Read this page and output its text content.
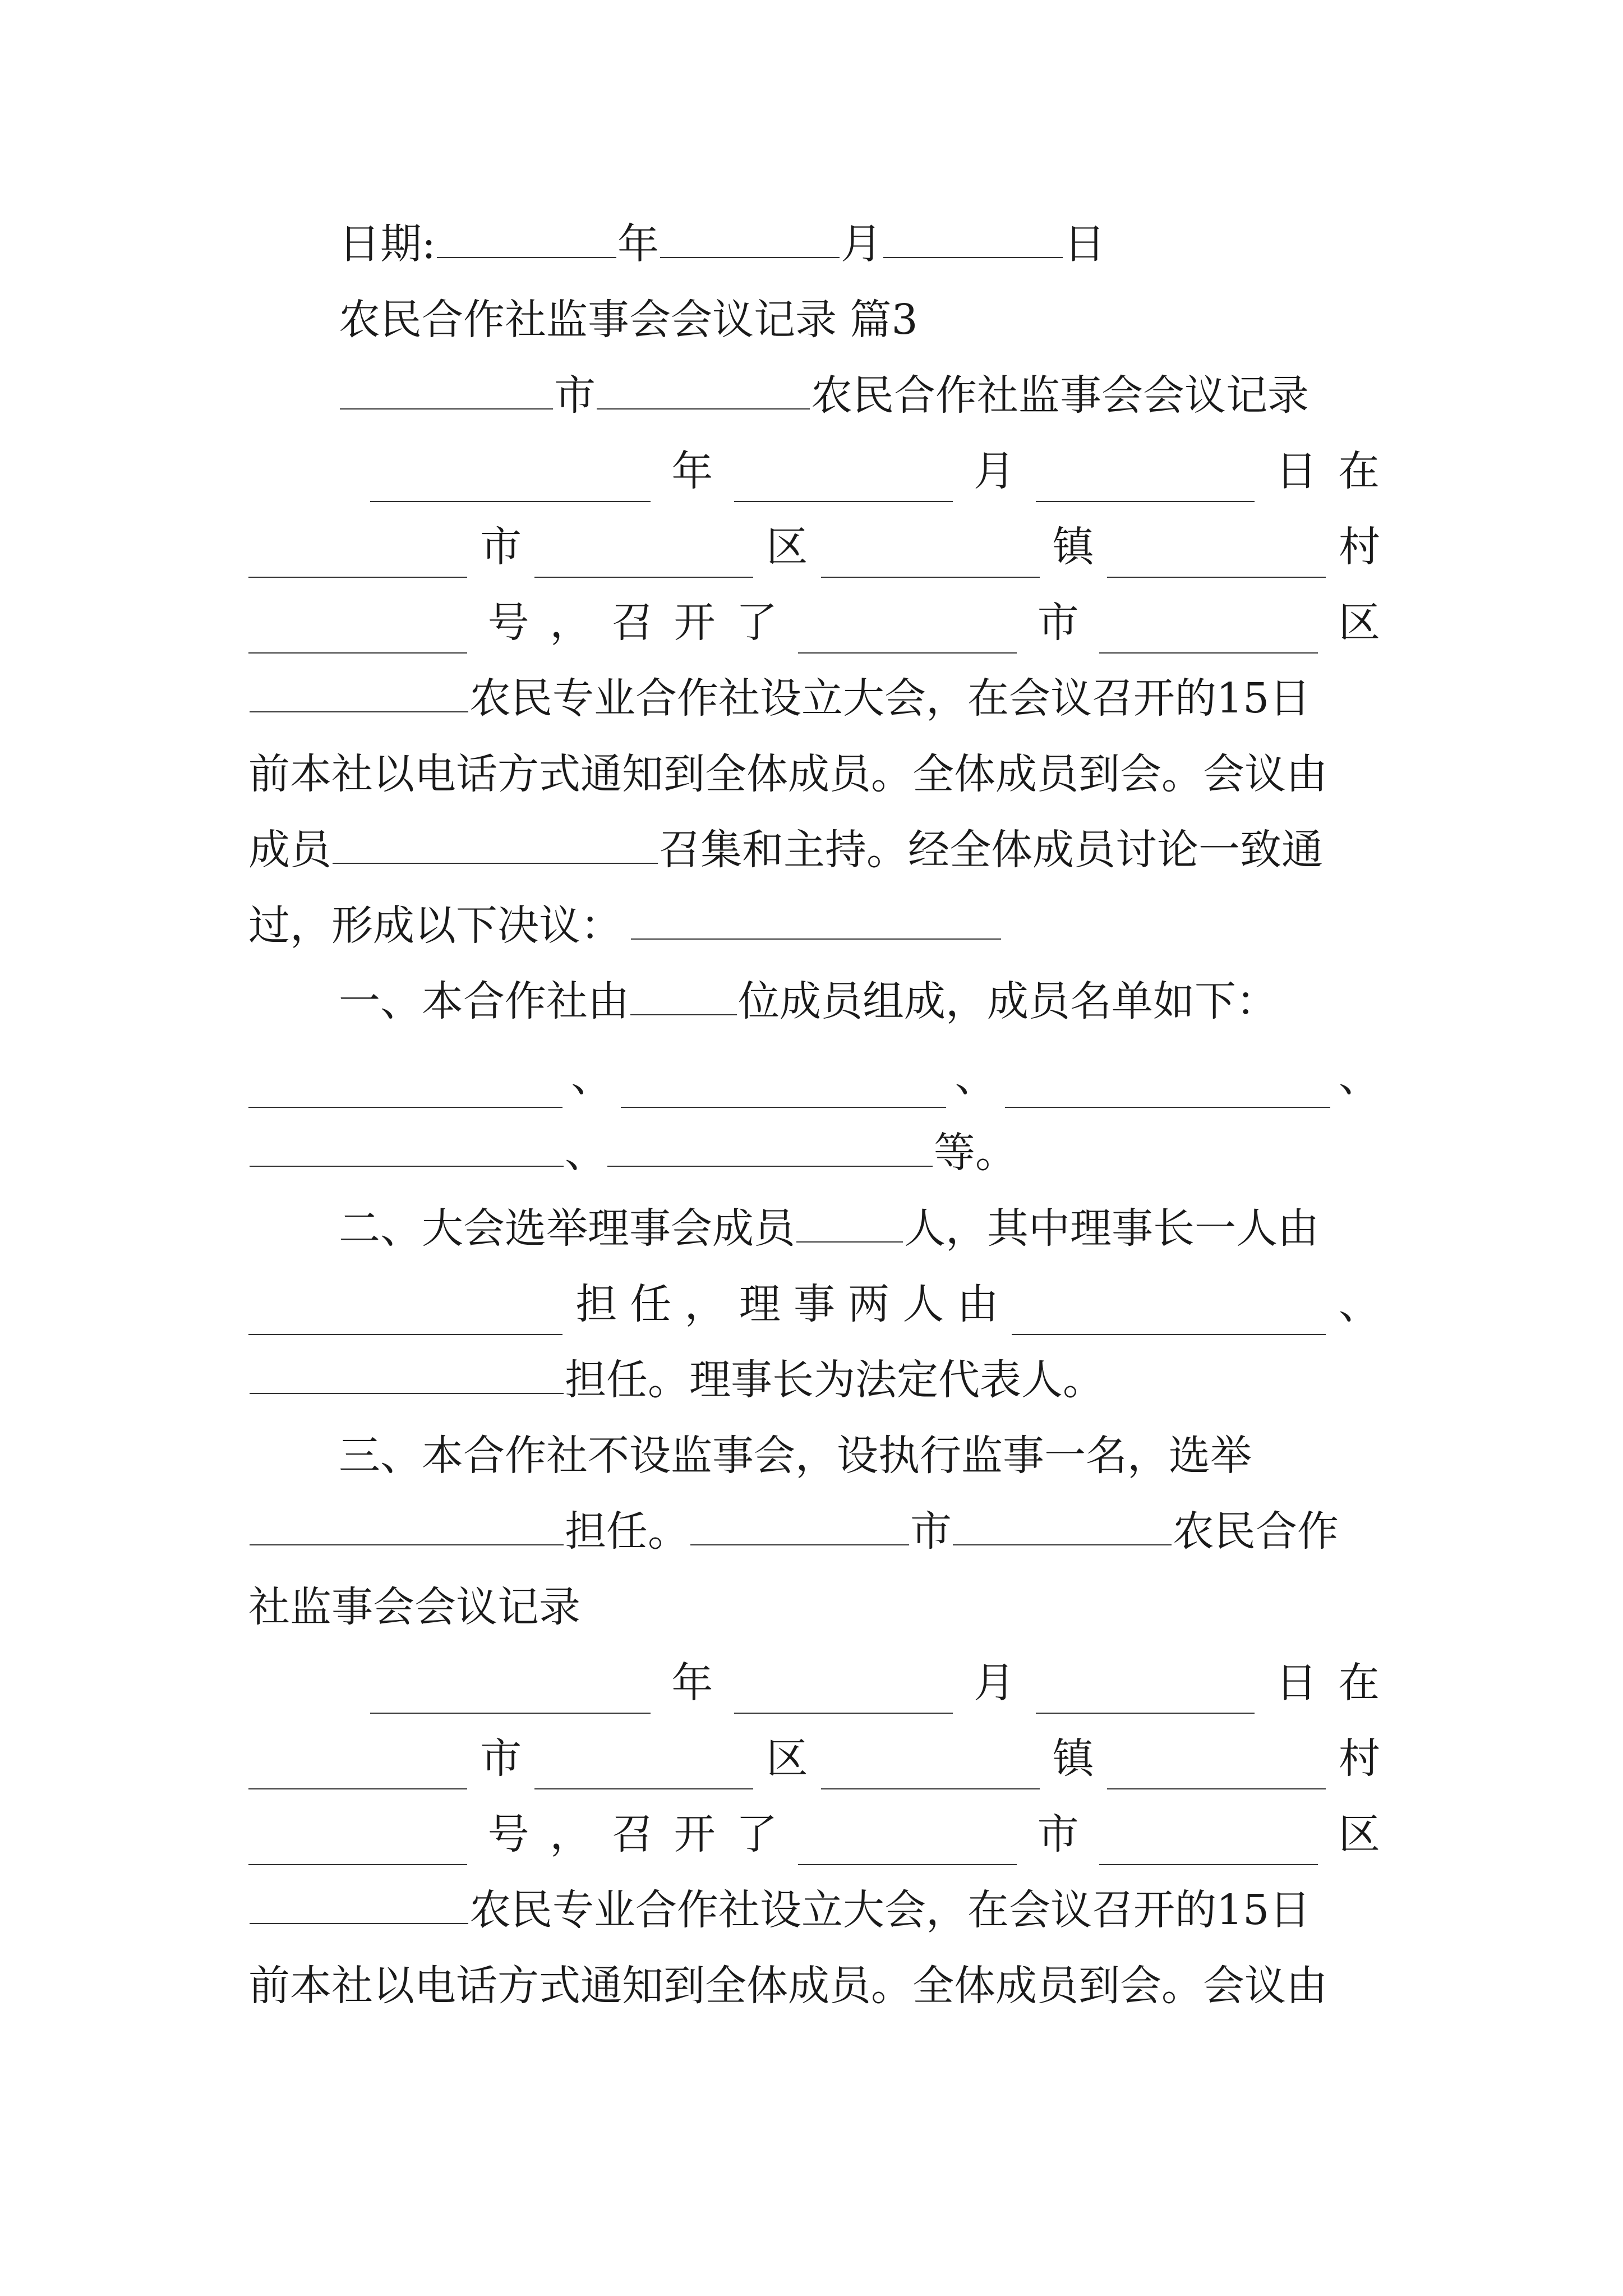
日期:	年	月	日
农民合作社监事会会议记录 篇3
市	农民合作社监事会会议记录
年	月	日 在
市	区	镇	村
号 ， 召 开 了	市	区
农民专业合作社设立大会，在会议召开的15日
前本社以电话方式通知到全体成员。全体成员到会。会议由
成员	召集和主持。经全体成员讨论一致通
过，形成以下决议：
一、本合作社由	位成员组成，成员名单如下：
、	、	、
、	等。
二、大会选举理事会成员	人，其中理事长一人由
担 任 ， 理 事 两 人 由	、
担任。理事长为法定代表人。
三、本合作社不设监事会，设执行监事一名，选举
担任。	市	农民合作
社监事会会议记录
年	月	日 在
市	区	镇	村
号 ， 召 开 了	市	区
农民专业合作社设立大会，在会议召开的15日
前本社以电话方式通知到全体成员。全体成员到会。会议由
